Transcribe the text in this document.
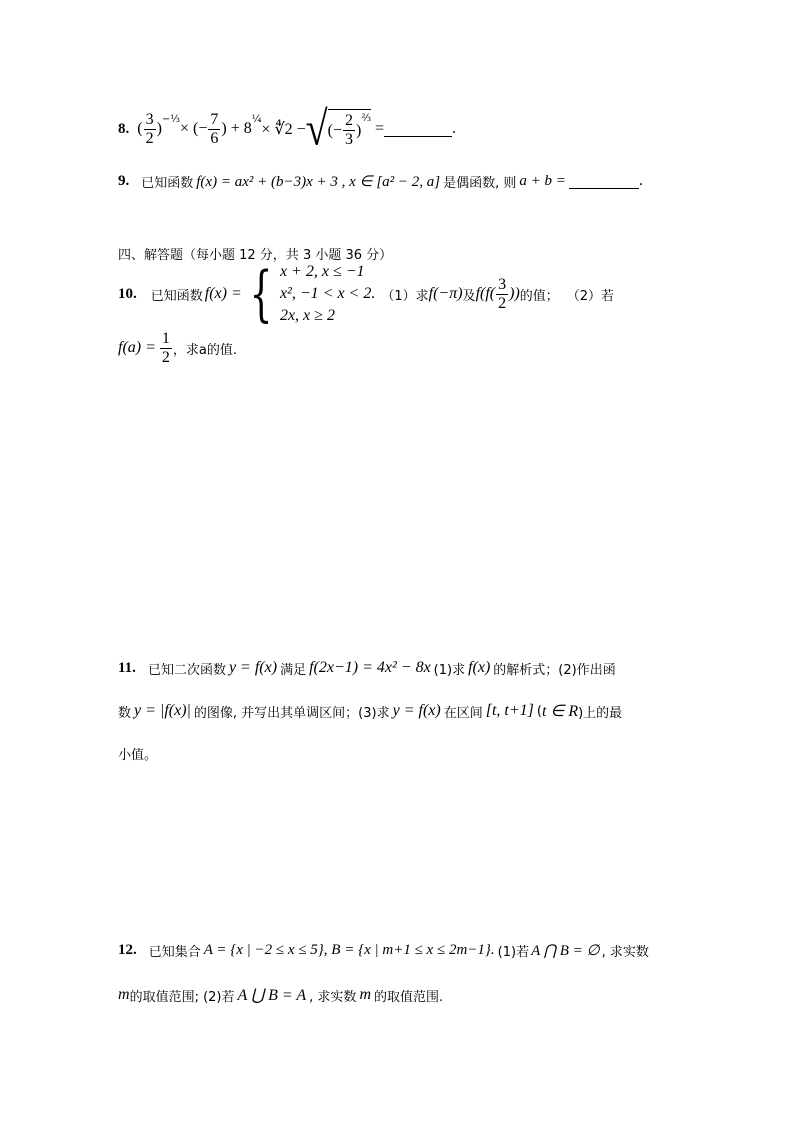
8. ( $\frac{3}{2}$ )
$^{-\frac{1}{3}}$
× (− $\frac{7}{6}$ ) + 8
$^{\frac{1}{4}}$
× ∜2 − √ (− $\frac{2}{3}$ )
$^{\frac{2}{3}}$
=	.
9. 已知函数 f(x) = ax² + (b−3)x + 3 , x ∈ [a² − 2, a] 是偶函数, 则 a + b =	.
四、解答题（每小题 12 分，共 3 小题 36 分）
10. 已知函数 f(x) = { x + 2, x ≤ −1
x², −1 < x < 2.
2x, x ≥ 2
（1）求 f(−π) 及 $f(f( \frac{3}{2}$ )) 的值； （2）若
$f(a) = \frac{1}{2}$ ，求a的值.
11. 已知二次函数 y = f(x) 满足 f(2x−1) = 4x² − 8x (1)求 f(x) 的解析式；(2)作出函
数 y = |f(x)| 的图像, 并写出其单调区间；(3)求 y = f(x) 在区间 [t, t+1] ( t ∈ R )上的最
小值。
12. 已知集合 A = {x | −2 ≤ x ≤ 5}, B = {x | m+1 ≤ x ≤ 2m−1}. (1)若 A ⋂ B = ∅ , 求实数
m 的取值范围; (2)若 A ⋃ B = A , 求实数 m 的取值范围.
